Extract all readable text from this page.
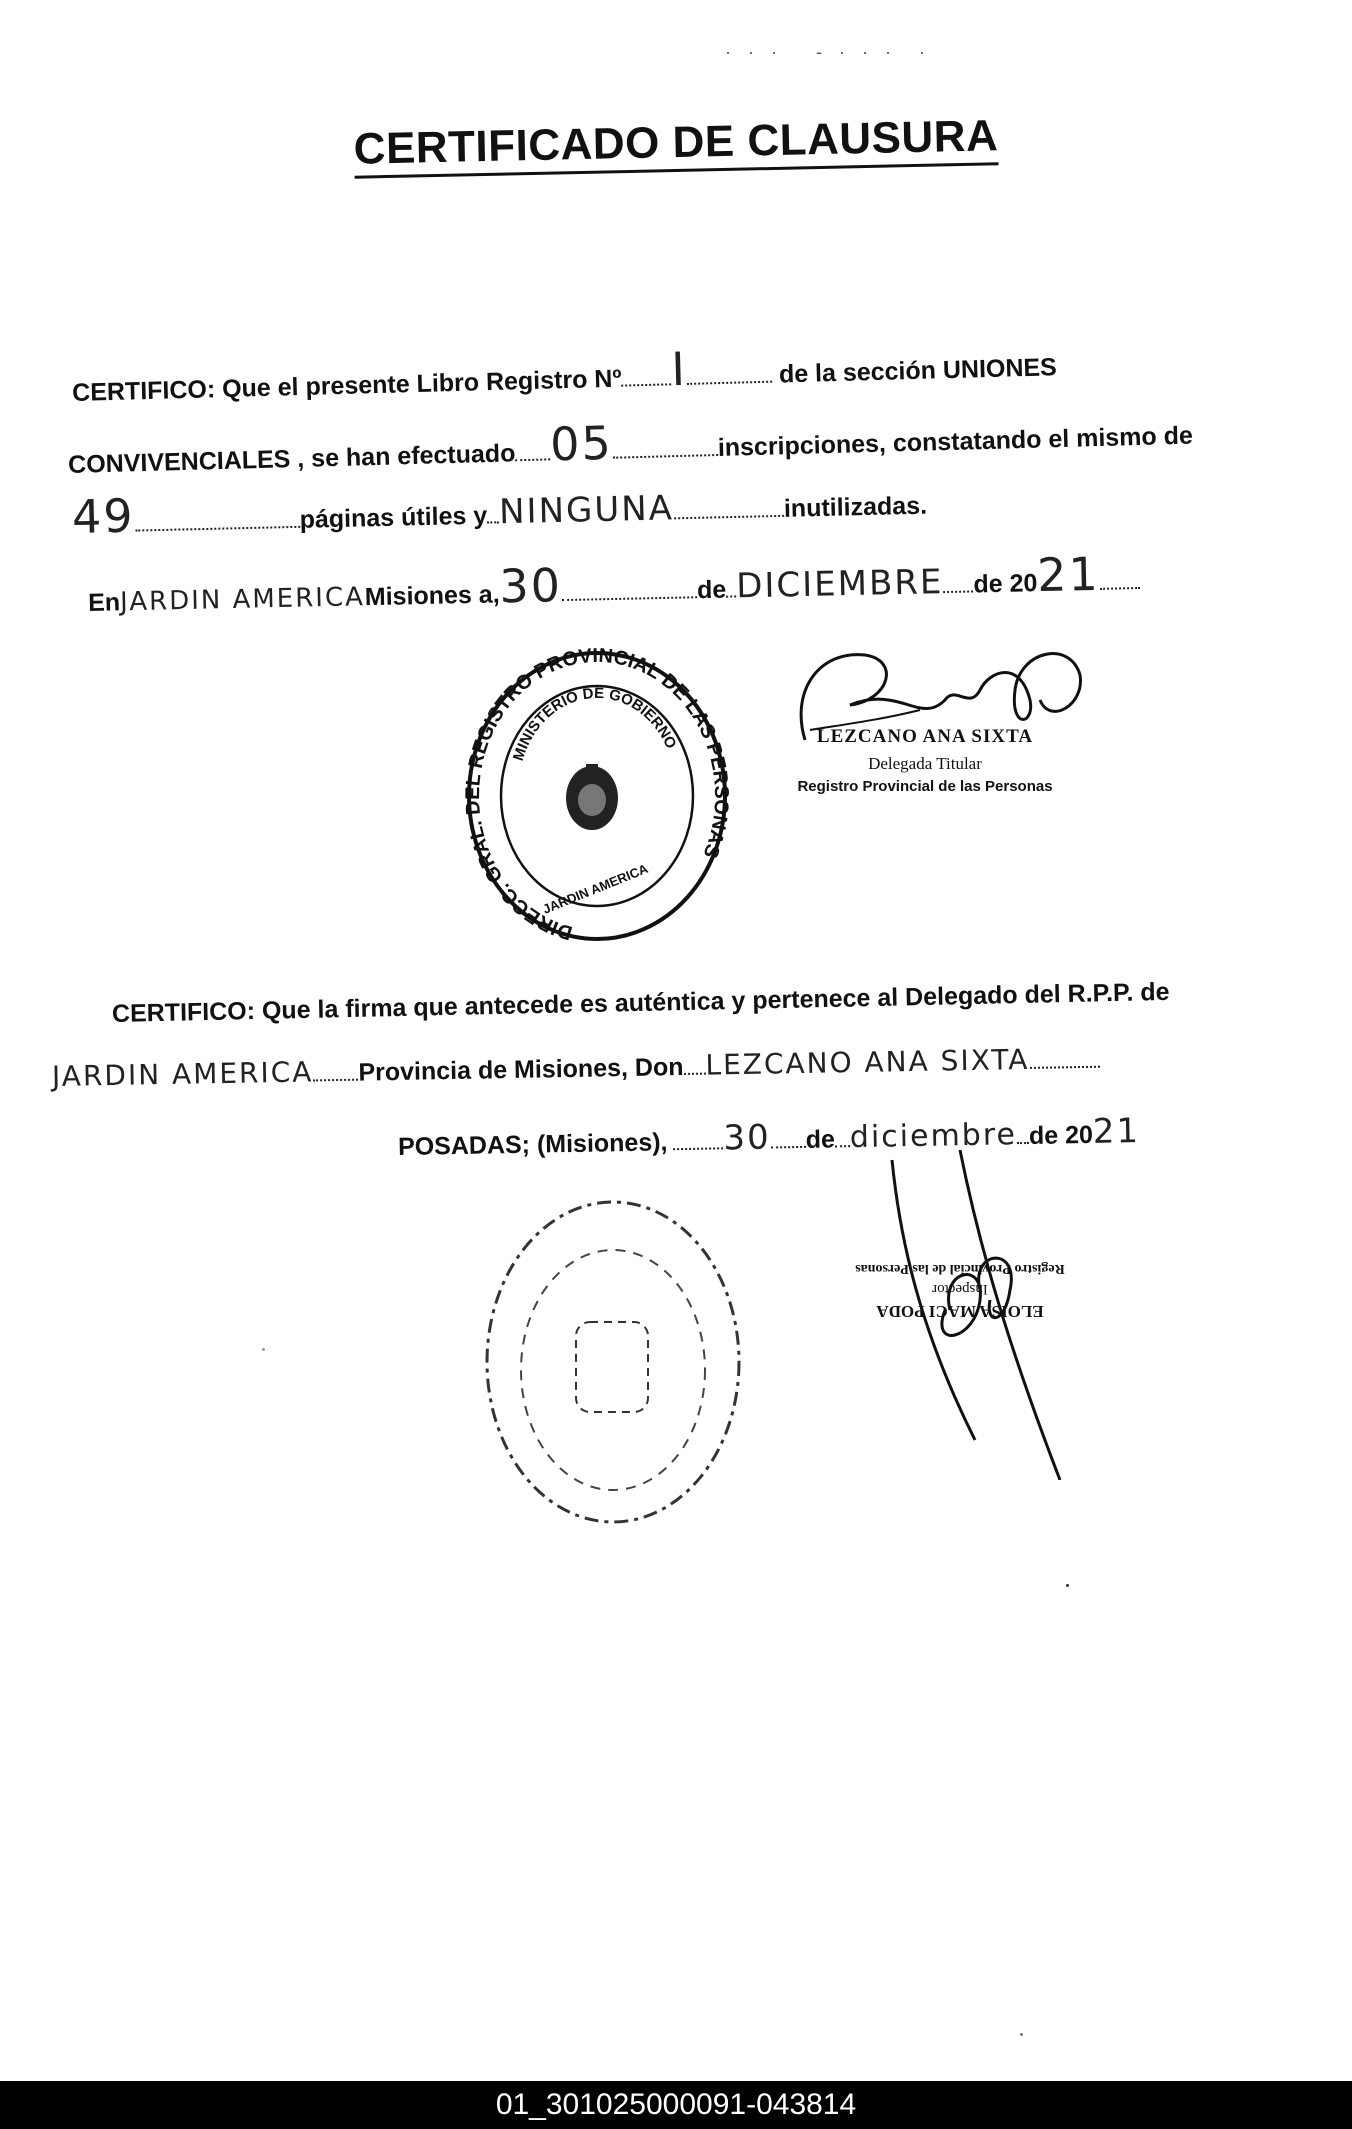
· · ·   - · · ·  ·
CERTIFICADO DE CLAUSURA
CERTIFICO: Que el presente Libro Registro Nº I	de la sección UNIONES
CONVIVENCIALES , se han efectuado 05	inscripciones, constatando el mismo de
49	páginas útiles y NINGUNA	inutilizadas.
EnJARDIN AMERICAMisiones a,30	de DICIEMBRE de 2021
DIRECC. GRAL. DEL REGISTRO PROVINCIAL DE LAS PERSONAS
MINISTERIO DE GOBIERNO
JARDIN AMERICA
LEZCANO ANA SIXTA
Delegada Titular
Registro Provincial de las Personas
CERTIFICO: Que la firma que antecede es auténtica y pertenece al Delegado del R.P.P. de
JARDIN AMERICA Provincia de Misiones, Don LEZCANO ANA SIXTA
POSADAS; (Misiones), 30 de diciembre de 2021
ELOISA MACI PODA
Inspector
Registro Provincial de las Personas
01_301025000091-043814
